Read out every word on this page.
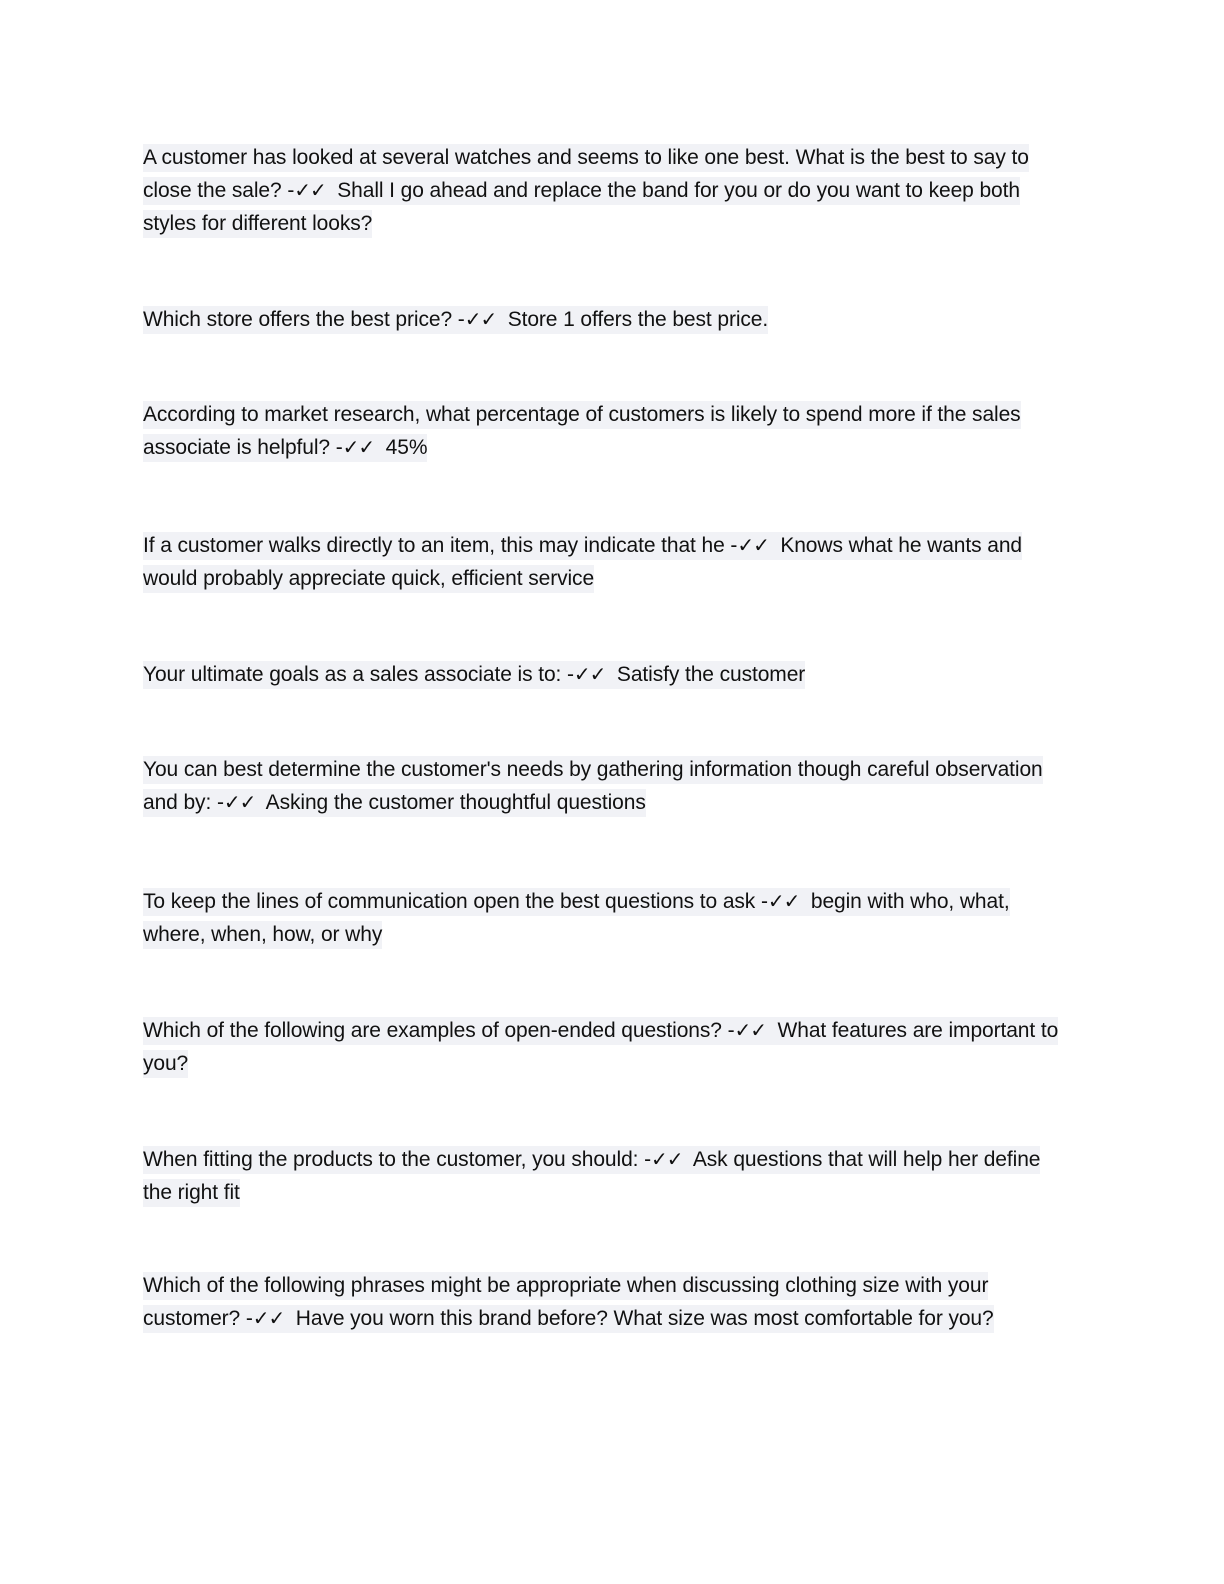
A customer has looked at several watches and seems to like one best. What is the best to say to close the sale? -✓✓ Shall I go ahead and replace the band for you or do you want to keep both styles for different looks?
Which store offers the best price? -✓✓ Store 1 offers the best price.
According to market research, what percentage of customers is likely to spend more if the sales associate is helpful? -✓✓ 45%
If a customer walks directly to an item, this may indicate that he -✓✓ Knows what he wants and would probably appreciate quick, efficient service
Your ultimate goals as a sales associate is to: -✓✓ Satisfy the customer
You can best determine the customer's needs by gathering information though careful observation and by: -✓✓ Asking the customer thoughtful questions
To keep the lines of communication open the best questions to ask -✓✓ begin with who, what, where, when, how, or why
Which of the following are examples of open-ended questions? -✓✓ What features are important to you?
When fitting the products to the customer, you should: -✓✓ Ask questions that will help her define the right fit
Which of the following phrases might be appropriate when discussing clothing size with your customer? -✓✓ Have you worn this brand before? What size was most comfortable for you?
